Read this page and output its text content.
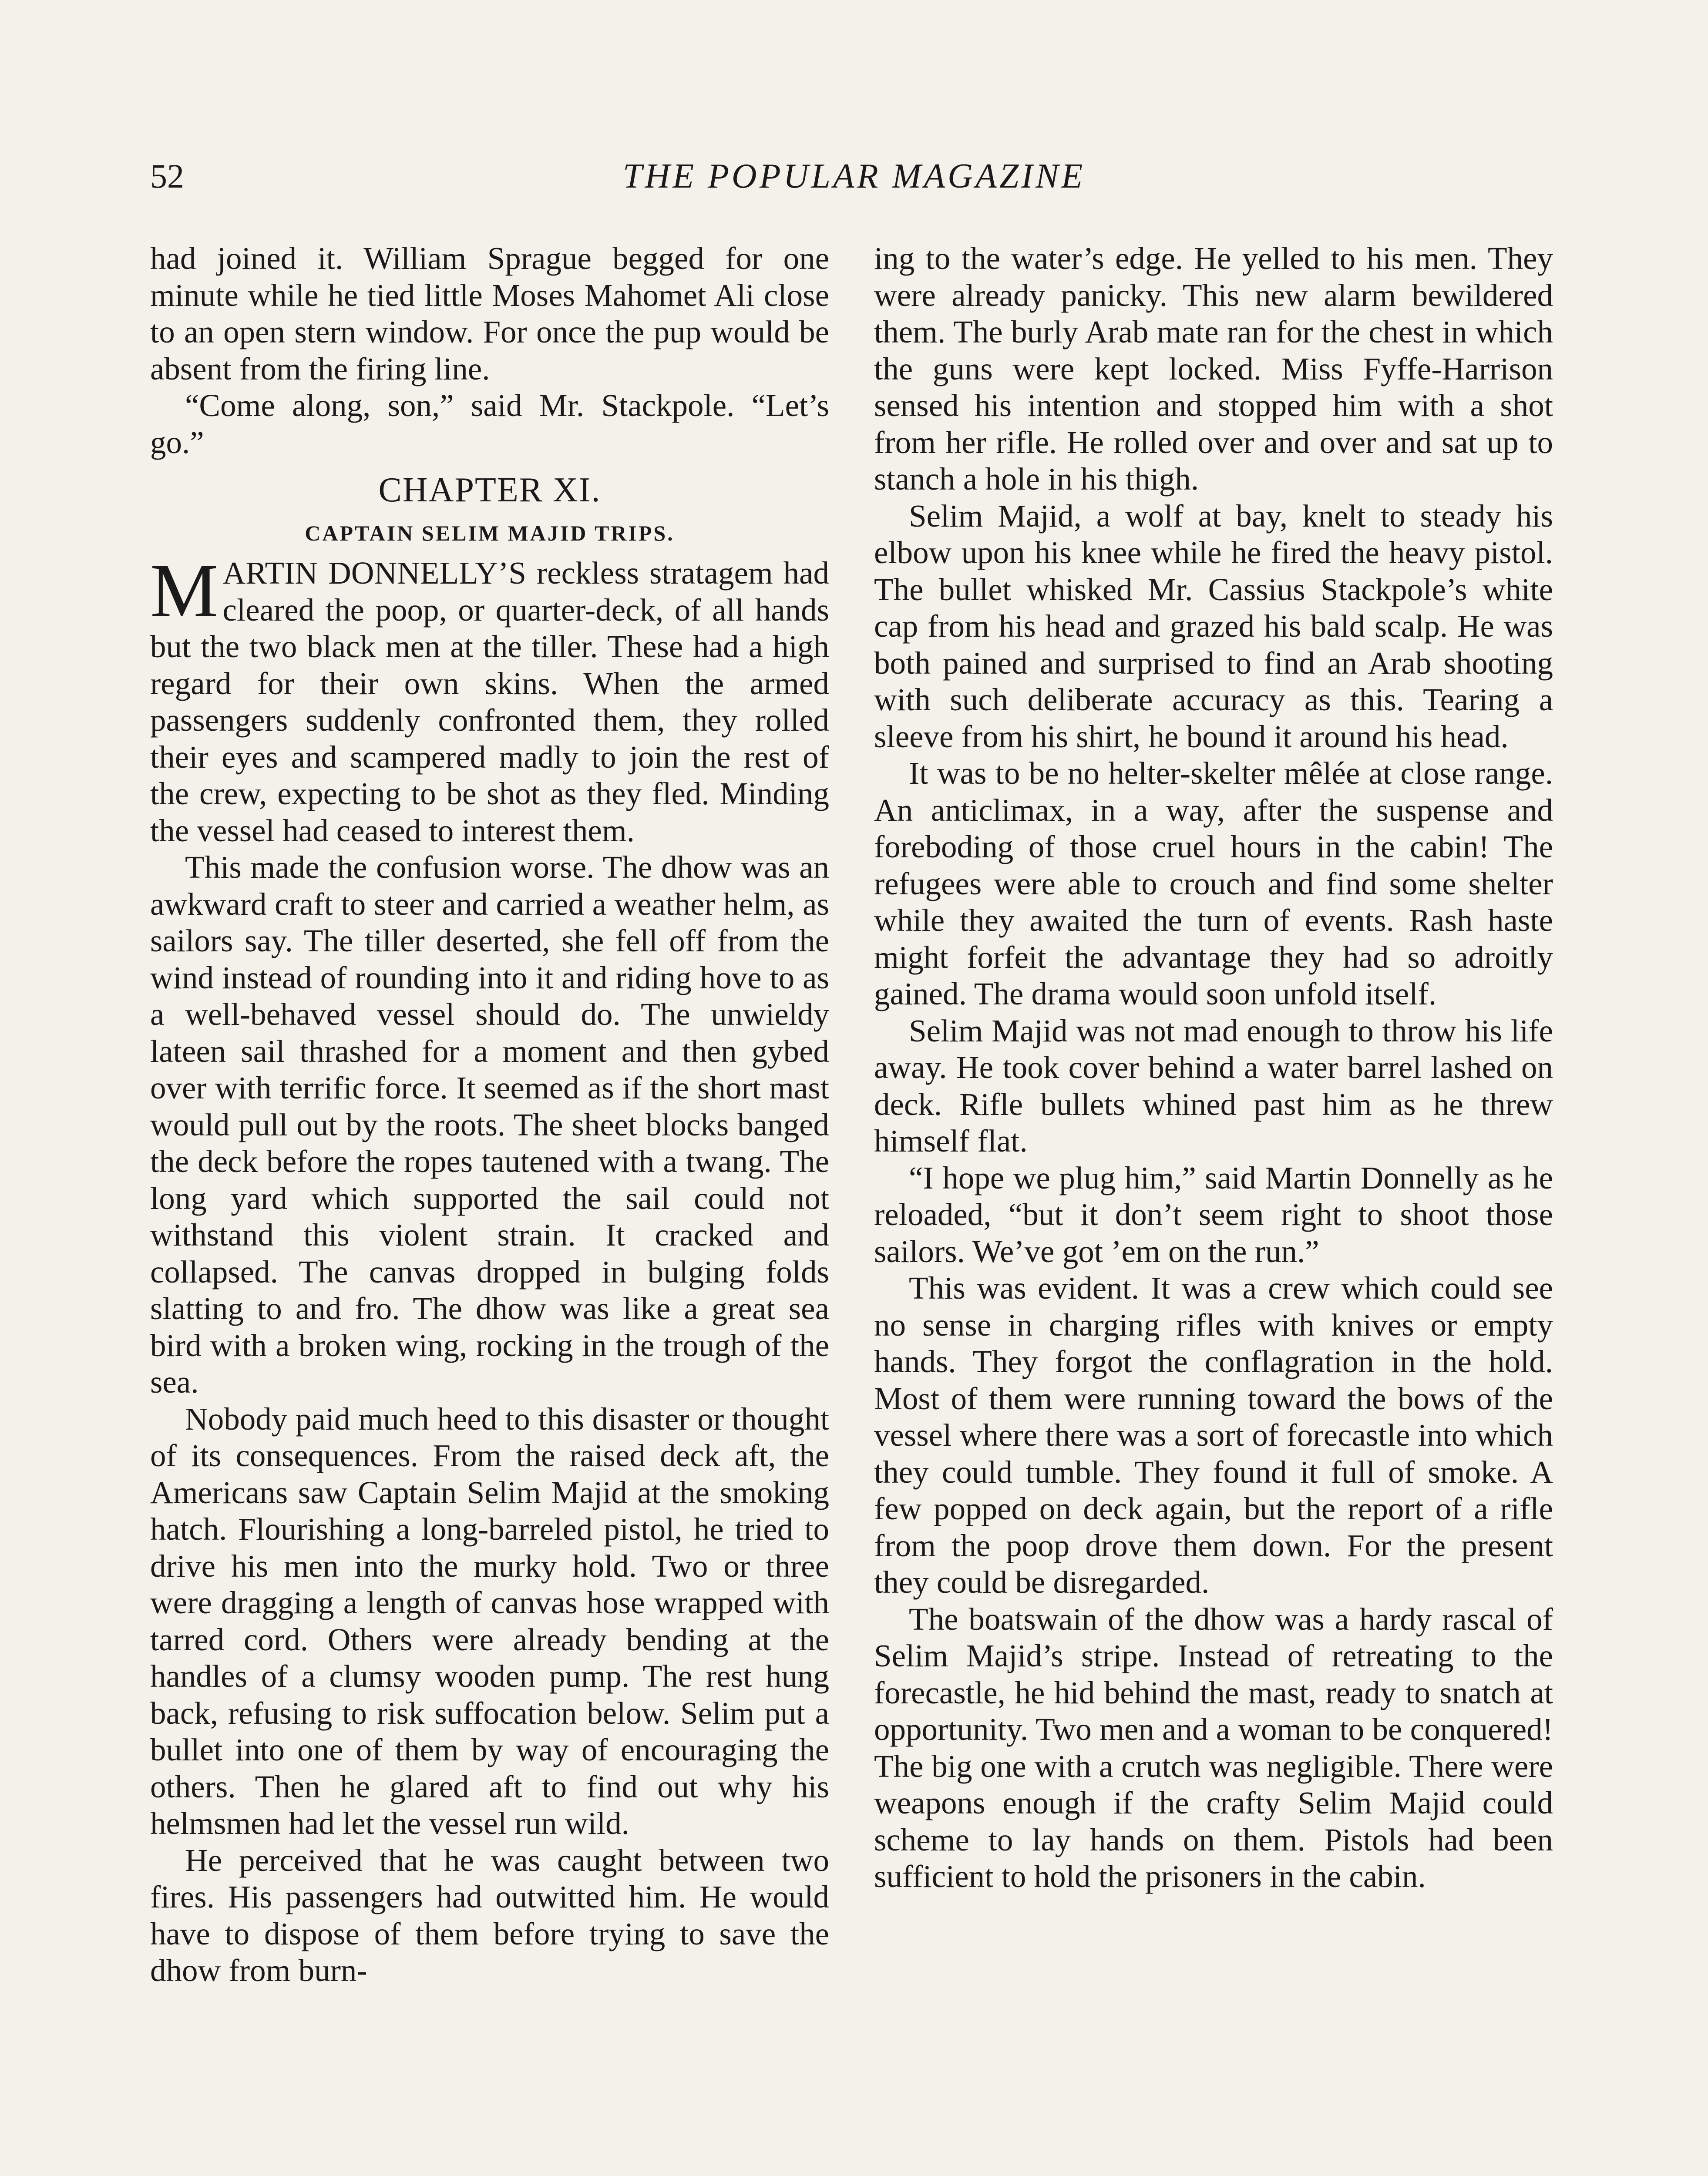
52	THE POPULAR MAGAZINE

had joined it. William Sprague begged for one minute while he tied little Moses Mahomet Ali close to an open stern window. For once the pup would be absent from the firing line.

“Come along, son,” said Mr. Stackpole. “Let’s go.”

CHAPTER XI.
CAPTAIN SELIM MAJID TRIPS.

MARTIN DONNELLY’S reckless stratagem had cleared the poop, or quarter-deck, of all hands but the two black men at the tiller. These had a high regard for their own skins. When the armed passengers suddenly confronted them, they rolled their eyes and scampered madly to join the rest of the crew, expecting to be shot as they fled. Minding the vessel had ceased to interest them.

This made the confusion worse. The dhow was an awkward craft to steer and carried a weather helm, as sailors say. The tiller deserted, she fell off from the wind instead of rounding into it and riding hove to as a well-behaved vessel should do. The unwieldy lateen sail thrashed for a moment and then gybed over with terrific force. It seemed as if the short mast would pull out by the roots. The sheet blocks banged the deck before the ropes tautened with a twang. The long yard which supported the sail could not withstand this violent strain. It cracked and collapsed. The canvas dropped in bulging folds slatting to and fro. The dhow was like a great sea bird with a broken wing, rocking in the trough of the sea.

Nobody paid much heed to this disaster or thought of its consequences. From the raised deck aft, the Americans saw Captain Selim Majid at the smoking hatch. Flourishing a long-barreled pistol, he tried to drive his men into the murky hold. Two or three were dragging a length of canvas hose wrapped with tarred cord. Others were already bending at the handles of a clumsy wooden pump. The rest hung back, refusing to risk suffocation below. Selim put a bullet into one of them by way of encouraging the others. Then he glared aft to find out why his helmsmen had let the vessel run wild.

He perceived that he was caught between two fires. His passengers had outwitted him. He would have to dispose of them before trying to save the dhow from burn-

ing to the water’s edge. He yelled to his men. They were already panicky. This new alarm bewildered them. The burly Arab mate ran for the chest in which the guns were kept locked. Miss Fyffe-Harrison sensed his intention and stopped him with a shot from her rifle. He rolled over and over and sat up to stanch a hole in his thigh.

Selim Majid, a wolf at bay, knelt to steady his elbow upon his knee while he fired the heavy pistol. The bullet whisked Mr. Cassius Stackpole’s white cap from his head and grazed his bald scalp. He was both pained and surprised to find an Arab shooting with such deliberate accuracy as this. Tearing a sleeve from his shirt, he bound it around his head.

It was to be no helter-skelter mêlée at close range. An anticlimax, in a way, after the suspense and foreboding of those cruel hours in the cabin! The refugees were able to crouch and find some shelter while they awaited the turn of events. Rash haste might forfeit the advantage they had so adroitly gained. The drama would soon unfold itself.

Selim Majid was not mad enough to throw his life away. He took cover behind a water barrel lashed on deck. Rifle bullets whined past him as he threw himself flat.

“I hope we plug him,” said Martin Donnelly as he reloaded, “but it don’t seem right to shoot those sailors. We’ve got ’em on the run.”

This was evident. It was a crew which could see no sense in charging rifles with knives or empty hands. They forgot the conflagration in the hold. Most of them were running toward the bows of the vessel where there was a sort of forecastle into which they could tumble. They found it full of smoke. A few popped on deck again, but the report of a rifle from the poop drove them down. For the present they could be disregarded.

The boatswain of the dhow was a hardy rascal of Selim Majid’s stripe. Instead of retreating to the forecastle, he hid behind the mast, ready to snatch at opportunity. Two men and a woman to be conquered! The big one with a crutch was negligible. There were weapons enough if the crafty Selim Majid could scheme to lay hands on them. Pistols had been sufficient to hold the prisoners in the cabin.
